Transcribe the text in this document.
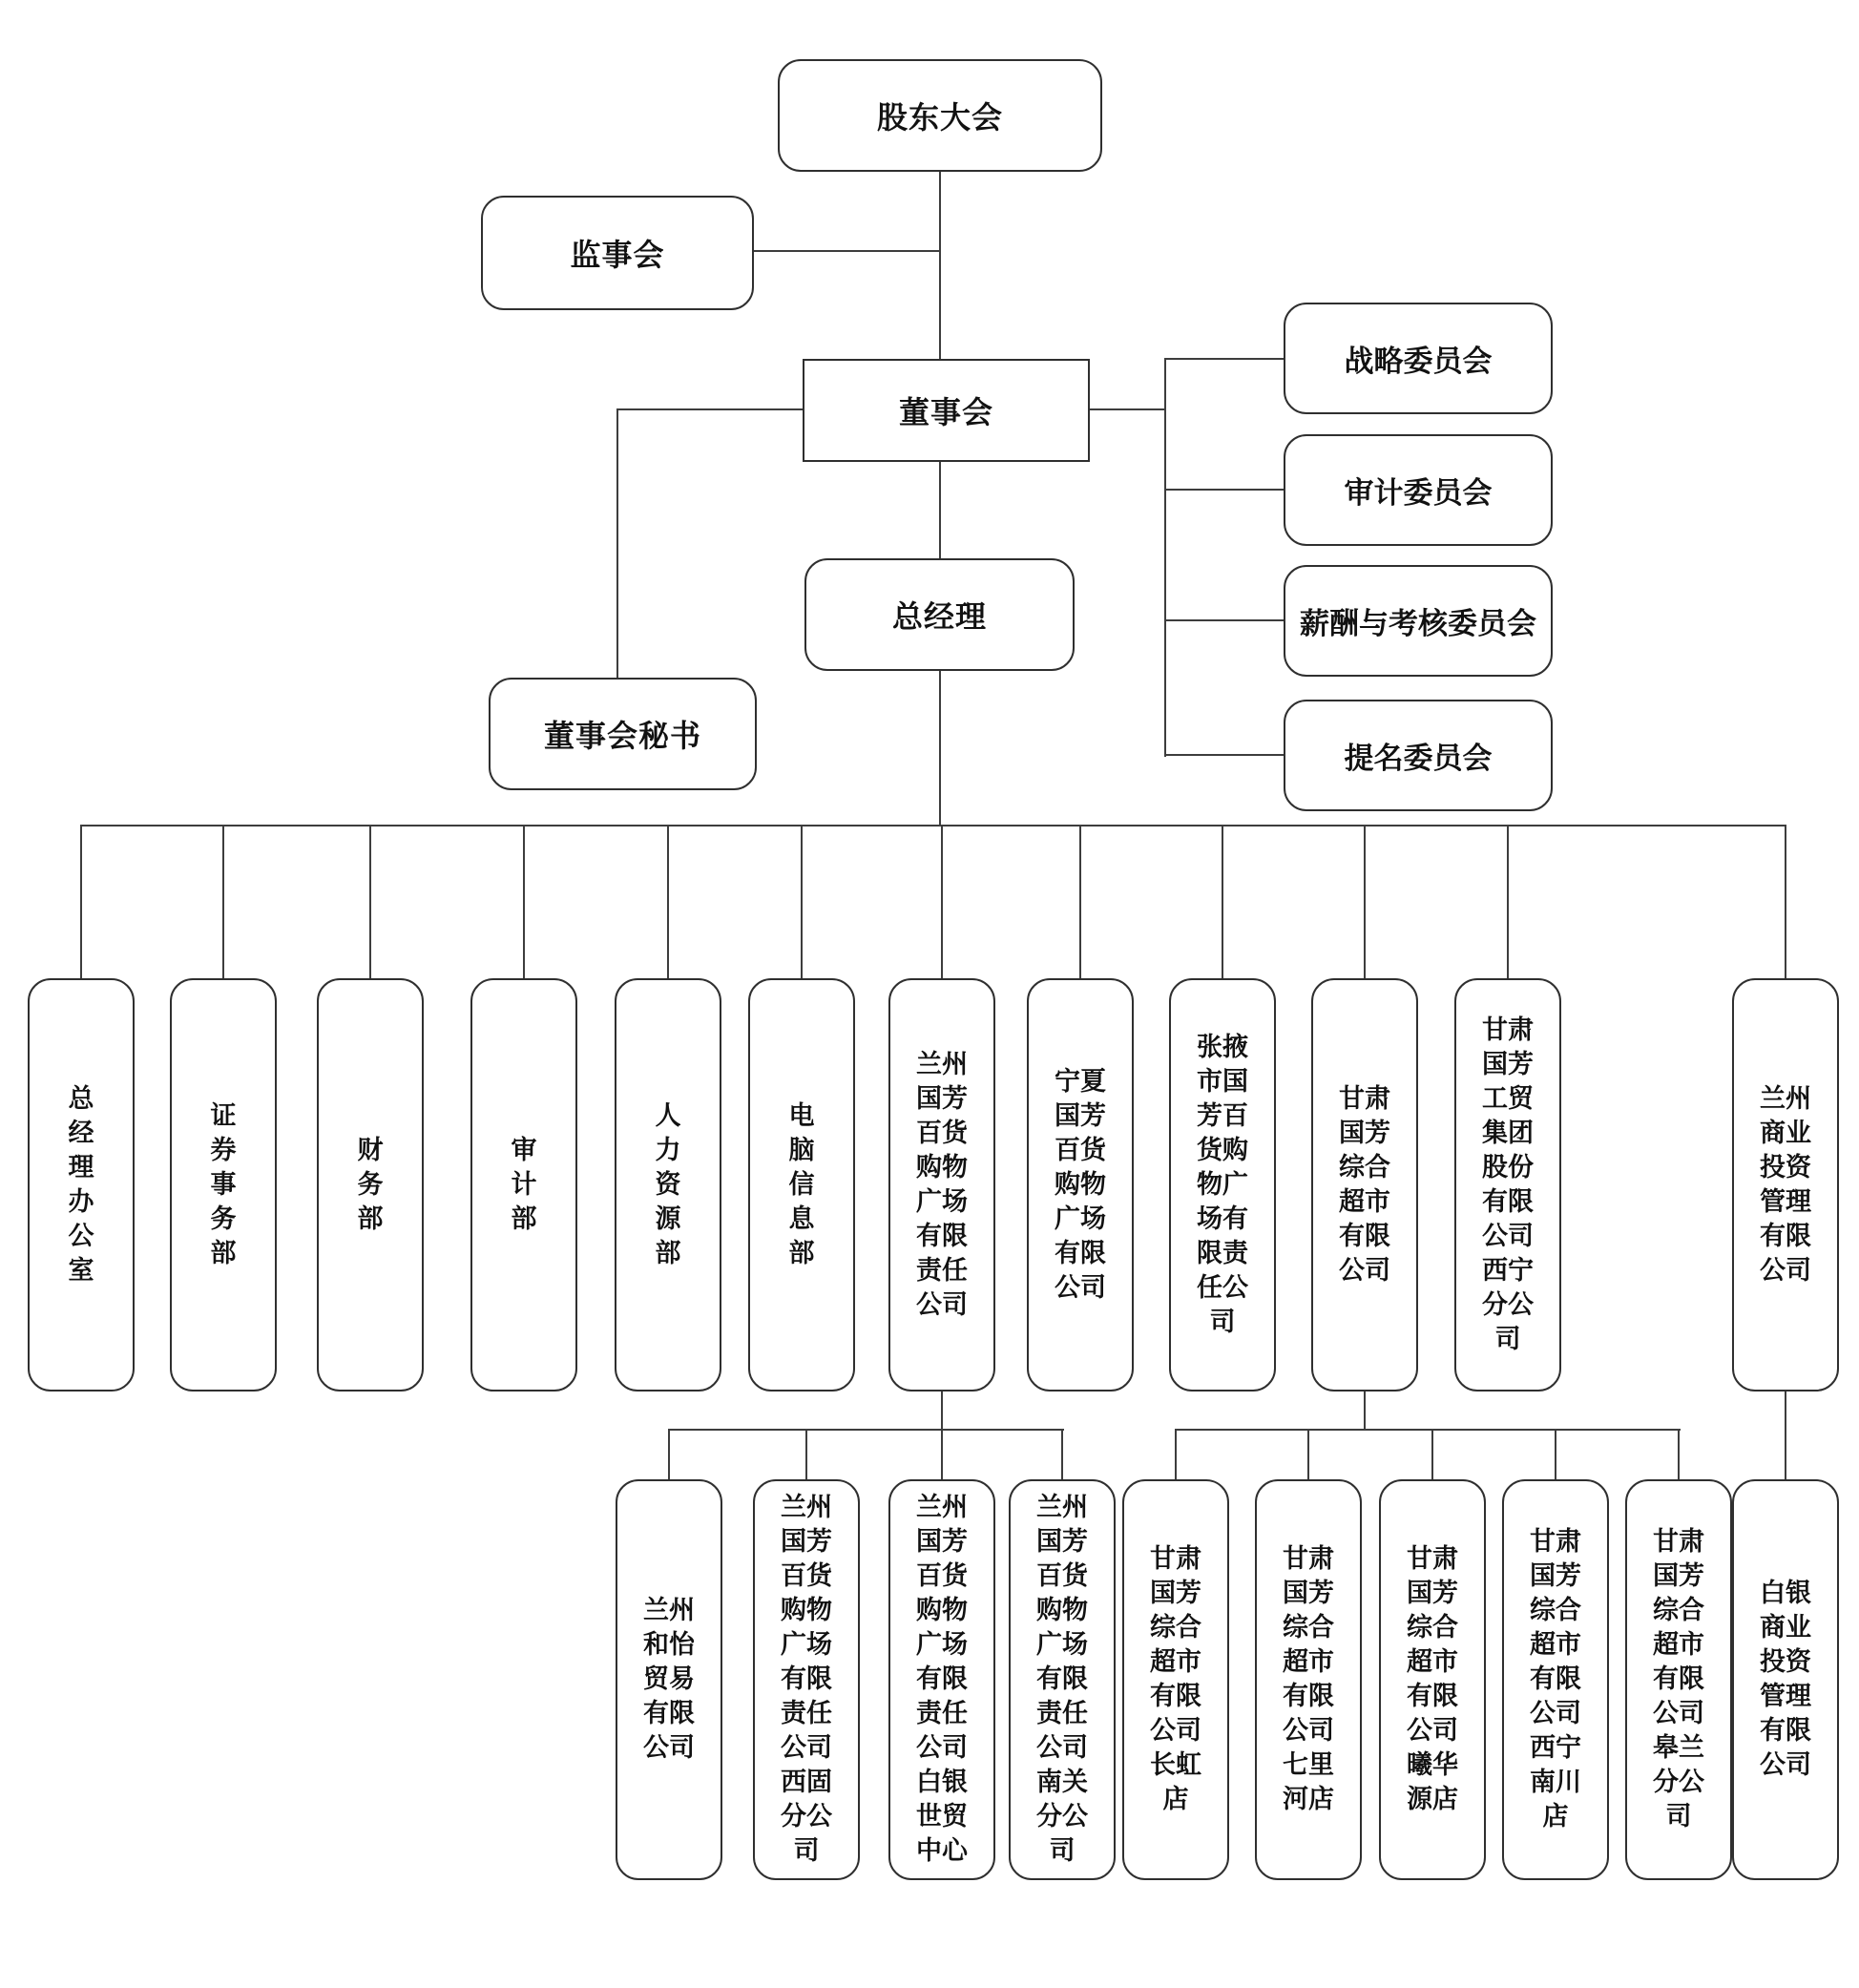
股东大会
监事会
董事会
战略委员会
审计委员会
薪酬与考核委员会
提名委员会
总经理
董事会秘书
总经理办公室
证券事务部
财务部
审计部
人力资源部
电脑信息部
兰州国芳百货购物广场有限责任公司
宁夏国芳百货购物广场有限公司
张掖市国芳百货购物广场有限责任公司
甘肃国芳综合超市有限公司
甘肃国芳工贸集团股份有限公司西宁分公司
兰州商业投资管理有限公司
兰州和怡贸易有限公司
兰州国芳百货购物广场有限责任公司西固分公司
兰州国芳百货购物广场有限责任公司白银世贸中心
兰州国芳百货购物广场有限责任公司南关分公司
甘肃国芳综合超市有限公司长虹店
甘肃国芳综合超市有限公司七里河店
甘肃国芳综合超市有限公司曦华源店
甘肃国芳综合超市有限公司西宁南川店
甘肃国芳综合超市有限公司皋兰分公司
白银商业投资管理有限公司
